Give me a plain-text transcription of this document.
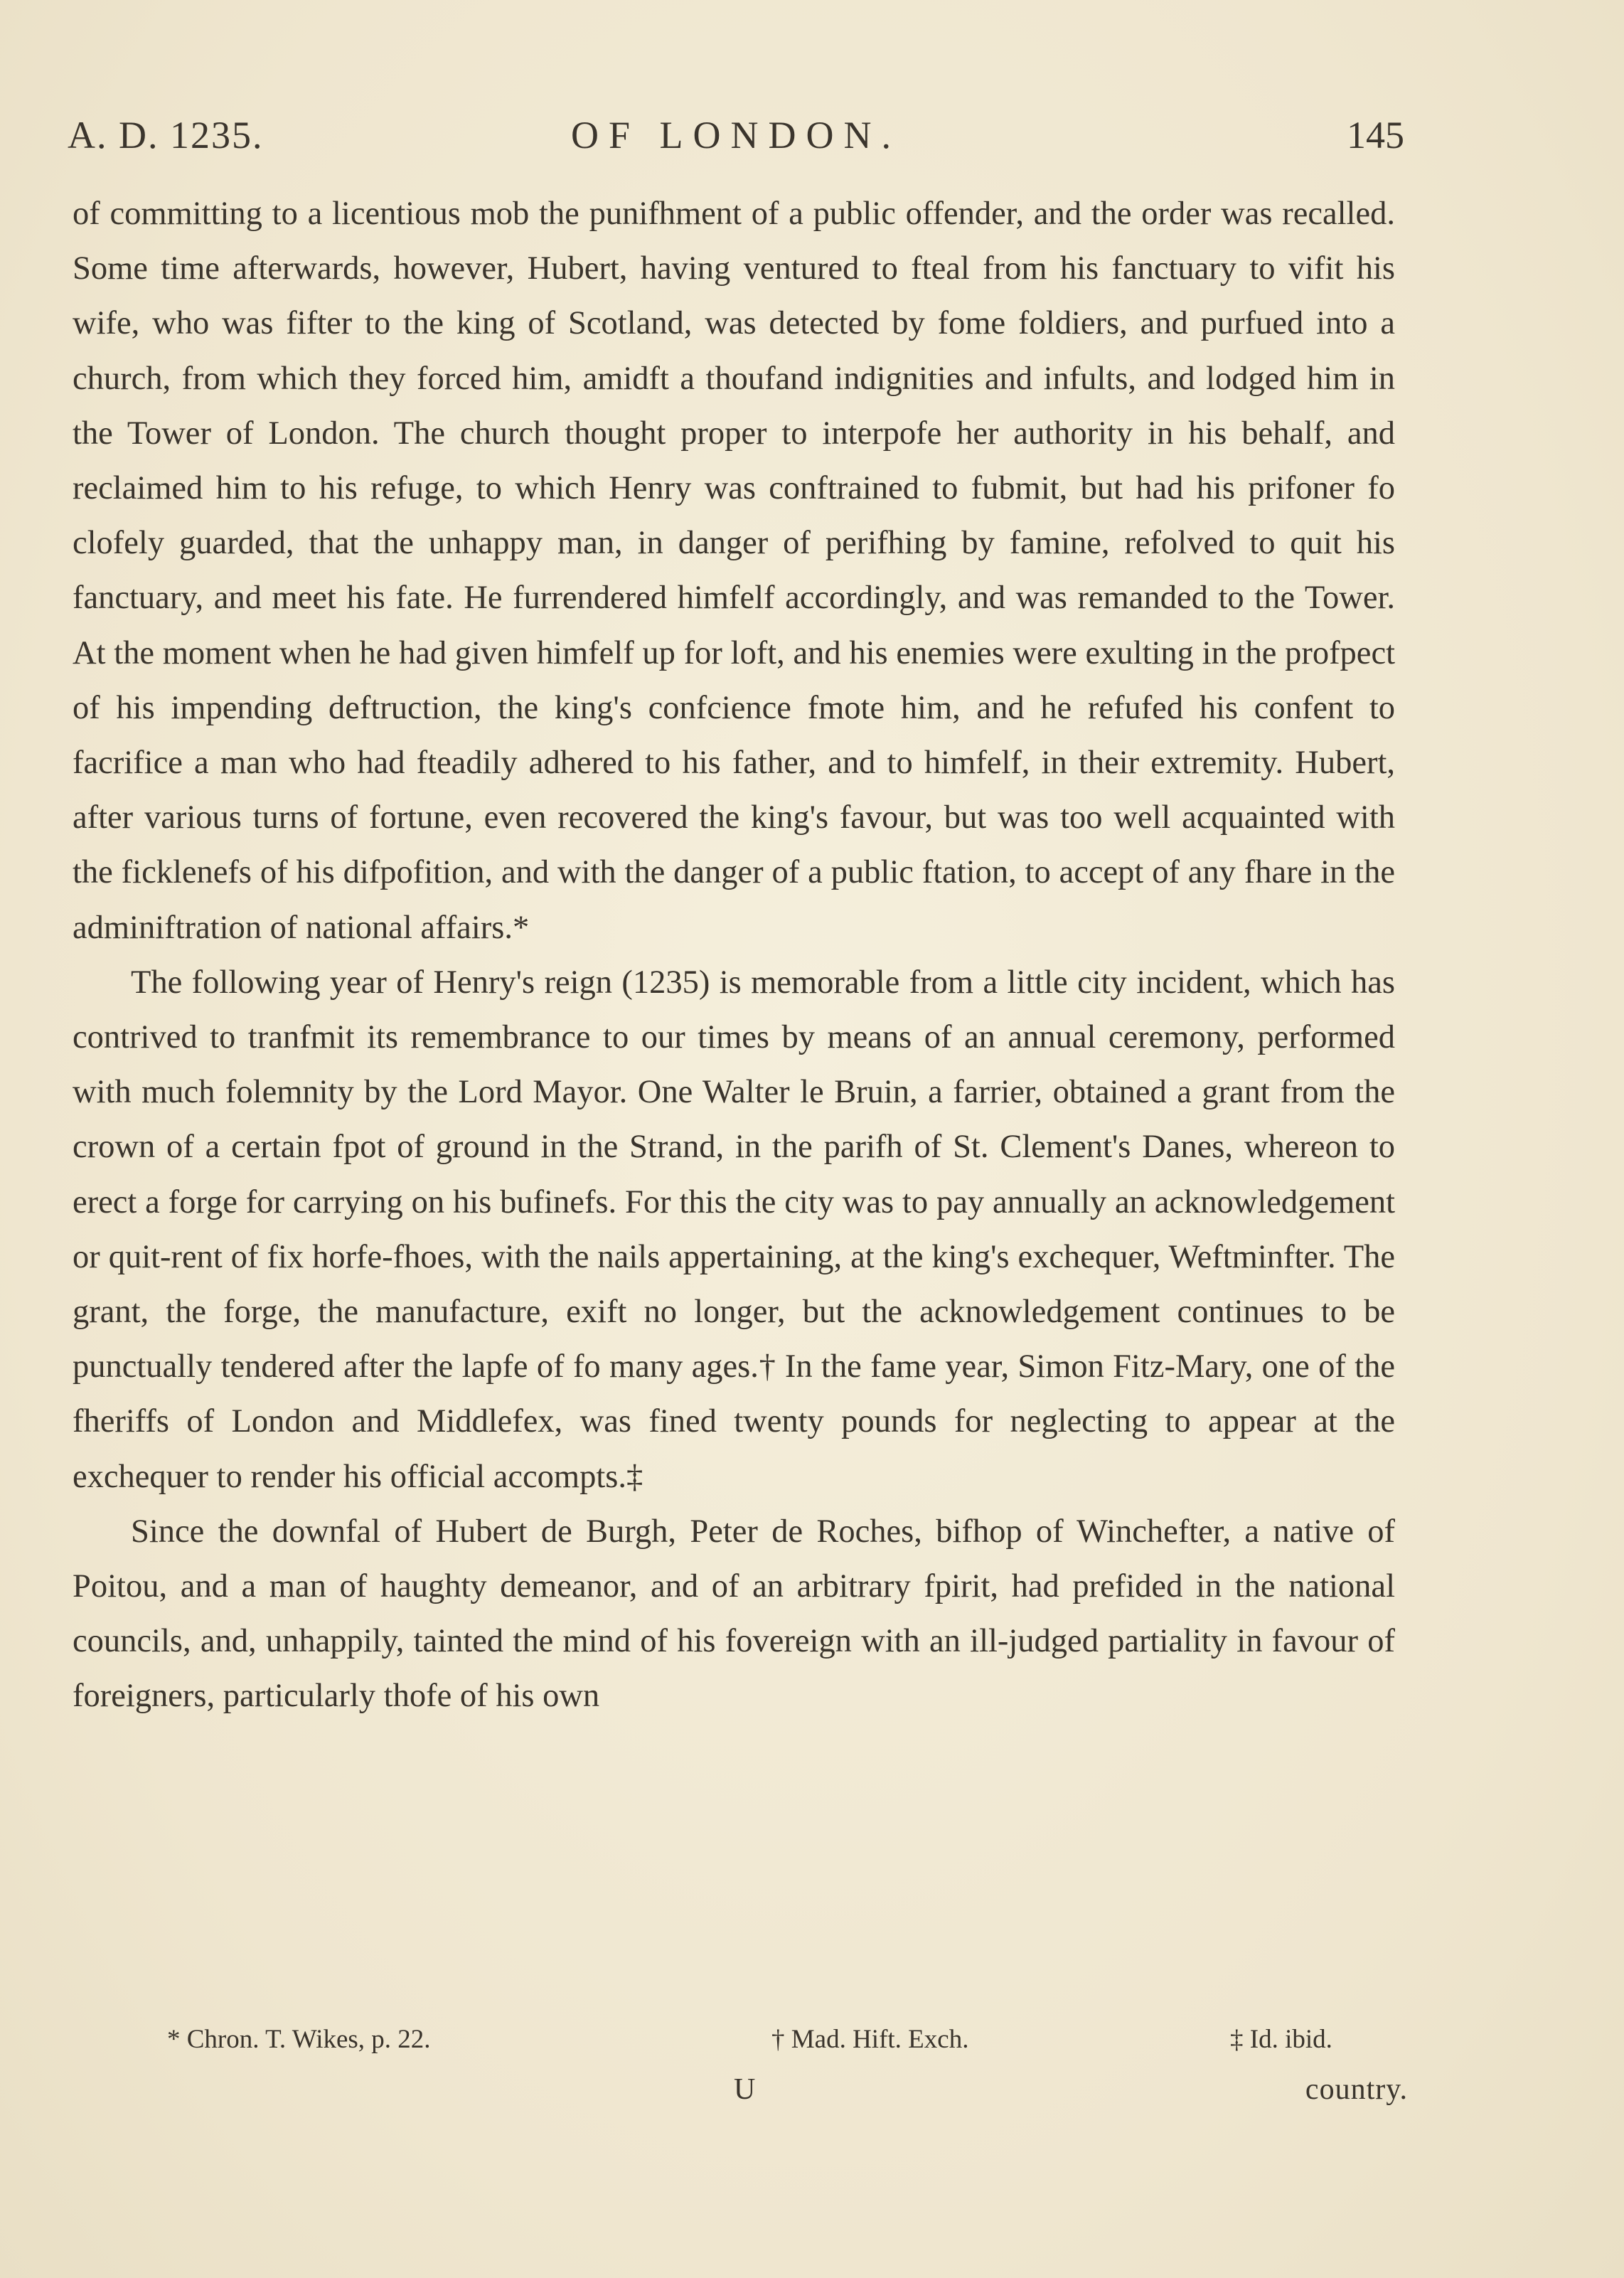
A. D. 1235.	OF LONDON.	145

of committing to a licentious mob the punifhment of a public offender, and the order was recalled. Some time afterwards, however, Hubert, having ventured to fteal from his fanctuary to vifit his wife, who was fifter to the king of Scotland, was detected by fome foldiers, and purfued into a church, from which they forced him, amidft a thoufand indignities and infults, and lodged him in the Tower of London. The church thought proper to interpofe her authority in his behalf, and reclaimed him to his refuge, to which Henry was conftrained to fubmit, but had his prifoner fo clofely guarded, that the unhappy man, in danger of perifhing by famine, refolved to quit his fanctuary, and meet his fate. He furrendered himfelf accordingly, and was remanded to the Tower. At the moment when he had given himfelf up for loft, and his enemies were exulting in the profpect of his impending deftruction, the king's confcience fmote him, and he refufed his confent to facrifice a man who had fteadily adhered to his father, and to himfelf, in their extremity. Hubert, after various turns of fortune, even recovered the king's favour, but was too well acquainted with the ficklenefs of his difpofition, and with the danger of a public ftation, to accept of any fhare in the adminiftration of national affairs.*

The following year of Henry's reign (1235) is memorable from a little city incident, which has contrived to tranfmit its remembrance to our times by means of an annual ceremony, performed with much folemnity by the Lord Mayor. One Walter le Bruin, a farrier, obtained a grant from the crown of a certain fpot of ground in the Strand, in the parifh of St. Clement's Danes, whereon to erect a forge for carrying on his bufinefs. For this the city was to pay annually an acknowledgement or quit-rent of fix horfe-fhoes, with the nails appertaining, at the king's exchequer, Weftminfter. The grant, the forge, the manufacture, exift no longer, but the acknowledgement continues to be punctually tendered after the lapfe of fo many ages.† In the fame year, Simon Fitz-Mary, one of the fheriffs of London and Middlefex, was fined twenty pounds for neglecting to appear at the exchequer to render his official accompts.‡

Since the downfal of Hubert de Burgh, Peter de Roches, bifhop of Winchefter, a native of Poitou, and a man of haughty demeanor, and of an arbitrary fpirit, had prefided in the national councils, and, unhappily, tainted the mind of his fovereign with an ill-judged partiality in favour of foreigners, particularly thofe of his own

* Chron. T. Wikes, p. 22.	† Mad. Hift. Exch.	‡ Id. ibid.
U	country.
